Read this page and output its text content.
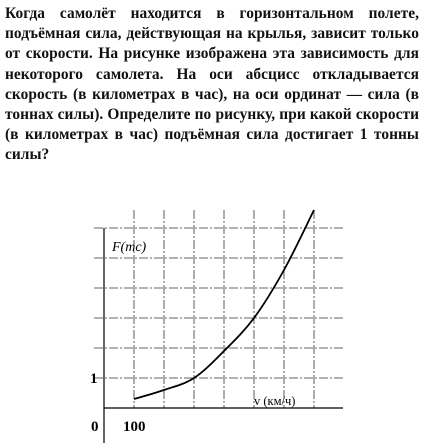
Когда самолёт находится в горизонтальном полете, подъёмная сила, действующая на крылья, зависит только от скорости. На рисунке изображена эта зависимость для некоторого самолета. На оси абсцисс откладывается скорость (в километрах в час), на оси ординат — сила (в тоннах силы). Определите по рисунку, при какой скорости (в километрах в час) подъёмная сила достигает 1 тонны силы?

F(mc)
v (км/ч)
1
0 100
